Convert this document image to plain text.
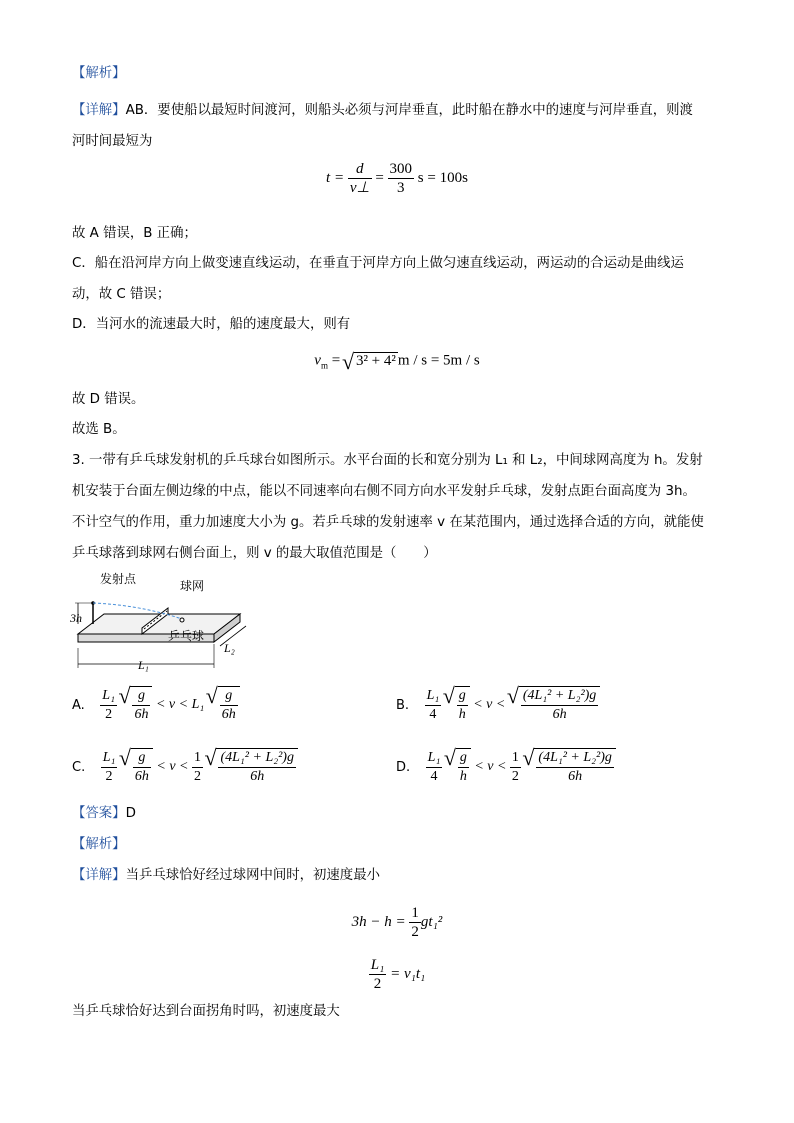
【解析】
【详解】AB．要使船以最短时间渡河，则船头必须与河岸垂直，此时船在静水中的速度与河岸垂直，则渡
河时间最短为
$t = \frac{d}{v\perp} = \frac{300}{3}$ s = 100s
故 A 错误，B 正确；
C．船在沿河岸方向上做变速直线运动，在垂直于河岸方向上做匀速直线运动，两运动的合运动是曲线运
动，故 C 错误；
D．当河水的流速最大时，船的速度最大，则有
$v_m$ = √ 3² + 4² m / s = 5m / s
故 D 错误。
故选 B。
3. 一带有乒乓球发射机的乒乓球台如图所示。水平台面的长和宽分别为 L₁ 和 L₂，中间球网高度为 h。发射
机安装于台面左侧边缘的中点，能以不同速率向右侧不同方向水平发射乒乓球，发射点距台面高度为 3h。
不计空气的作用，重力加速度大小为 g。若乒乓球的发射速率 v 在某范围内，通过选择合适的方向，就能使
乒乓球落到球网右侧台面上，则 v 的最大取值范围是（　　）
发射点	球网
乒乓球
3h
L₁
L₂
A. $\frac{\text{L₁}}{2}$
√ $\frac{g}{6h} < v < L_1$ √ $\frac{g}{6h}$	B. $\frac{\text{L₁}}{4}$
√ $\frac{g}{h} < v$ < √ $\frac{\text{(4L₁² + L₂²)g}}{6h}$
C. $\frac{\text{L₁}}{2}$
√ $\frac{g}{6h} < v < \frac{1}{2}$
√ $\frac{\text{(4L₁² + L₂²)g}}{6h}$	D. $\frac{\text{L₁}}{4}$
√ $\frac{g}{h} < v < \frac{1}{2}$
√ $\frac{\text{(4L₁² + L₂²)g}}{6h}$
【答案】D
【解析】
【详解】当乒乓球恰好经过球网中间时，初速度最小
$3h - h = \frac{1}{2} gt_1^2$
$\frac{\text{L₁}}{2} = v_1t_1$
当乒乓球恰好达到台面拐角时吗，初速度最大
